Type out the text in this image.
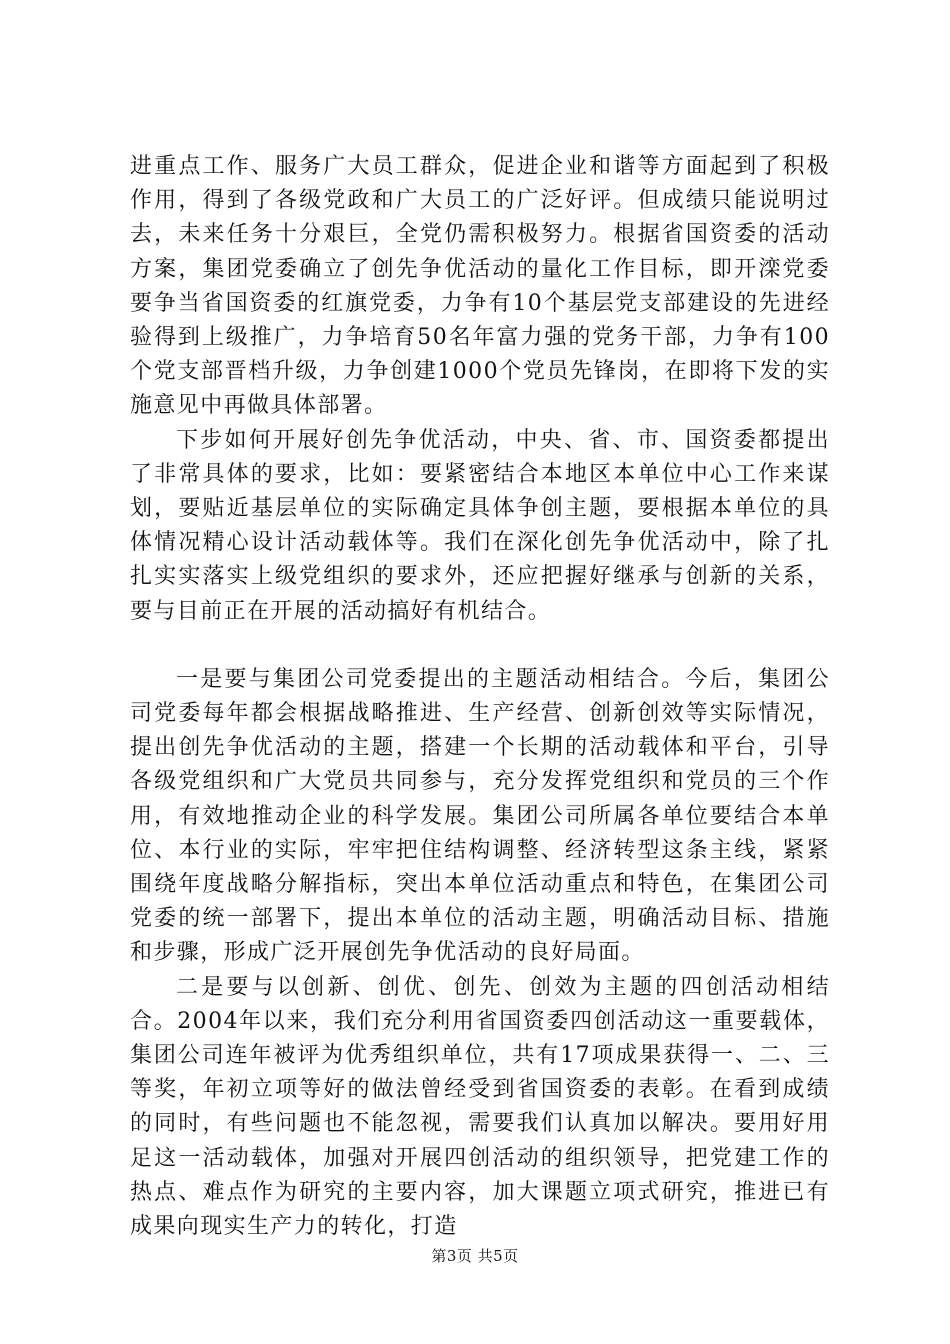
进重点工作、服务广大员工群众，促进企业和谐等方面起到了积极作用，得到了各级党政和广大员工的广泛好评。但成绩只能说明过去，未来任务十分艰巨，全党仍需积极努力。根据省国资委的活动方案，集团党委确立了创先争优活动的量化工作目标，即开滦党委要争当省国资委的红旗党委，力争有10个基层党支部建设的先进经验得到上级推广，力争培育50名年富力强的党务干部，力争有100个党支部晋档升级，力争创建1000个党员先锋岗，在即将下发的实施意见中再做具体部署。

下步如何开展好创先争优活动，中央、省、市、国资委都提出了非常具体的要求，比如：要紧密结合本地区本单位中心工作来谋划，要贴近基层单位的实际确定具体争创主题，要根据本单位的具体情况精心设计活动载体等。我们在深化创先争优活动中，除了扎扎实实落实上级党组织的要求外，还应把握好继承与创新的关系，要与目前正在开展的活动搞好有机结合。

一是要与集团公司党委提出的主题活动相结合。今后，集团公司党委每年都会根据战略推进、生产经营、创新创效等实际情况，提出创先争优活动的主题，搭建一个长期的活动载体和平台，引导各级党组织和广大党员共同参与，充分发挥党组织和党员的三个作用，有效地推动企业的科学发展。集团公司所属各单位要结合本单位、本行业的实际，牢牢把住结构调整、经济转型这条主线，紧紧围绕年度战略分解指标，突出本单位活动重点和特色，在集团公司党委的统一部署下，提出本单位的活动主题，明确活动目标、措施和步骤，形成广泛开展创先争优活动的良好局面。

二是要与以创新、创优、创先、创效为主题的四创活动相结合。2004年以来，我们充分利用省国资委四创活动这一重要载体，集团公司连年被评为优秀组织单位，共有17项成果获得一、二、三等奖，年初立项等好的做法曾经受到省国资委的表彰。在看到成绩的同时，有些问题也不能忽视，需要我们认真加以解决。要用好用足这一活动载体，加强对开展四创活动的组织领导，把党建工作的热点、难点作为研究的主要内容，加大课题立项式研究，推进已有成果向现实生产力的转化，打造

第3页 共5页
